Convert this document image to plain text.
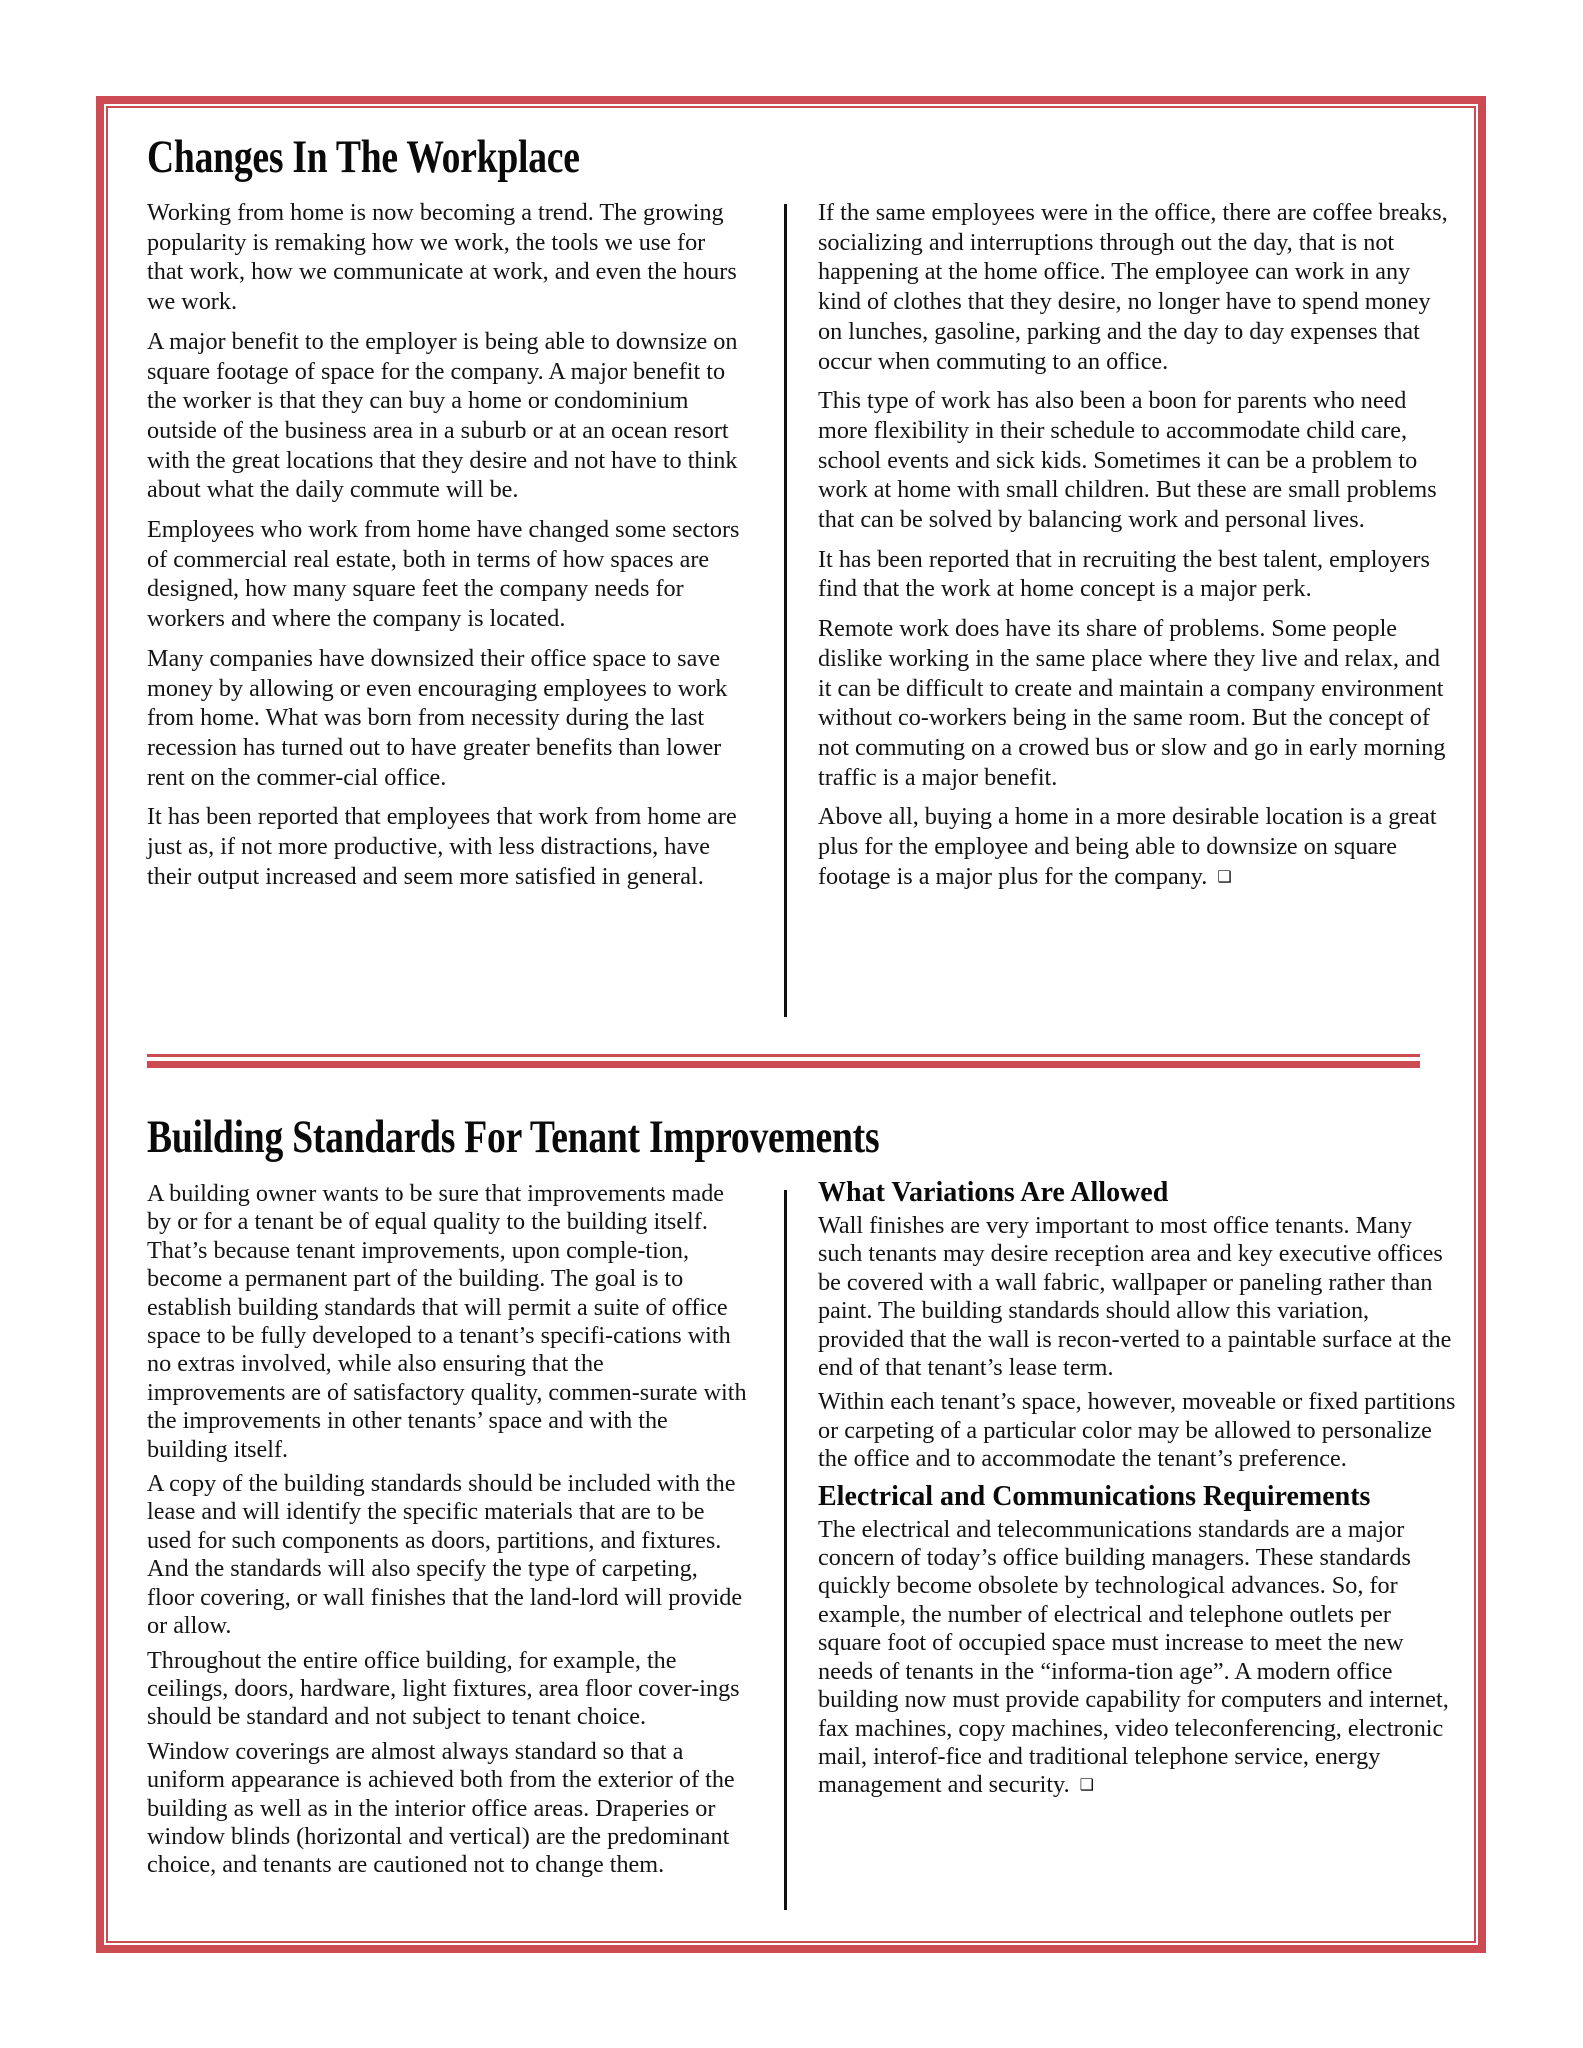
Changes In The Workplace

Working from home is now becoming a trend. The growing popularity is remaking how we work, the tools we use for that work, how we communicate at work, and even the hours we work.

A major benefit to the employer is being able to downsize on square footage of space for the company. A major benefit to the worker is that they can buy a home or condominium outside of the business area in a suburb or at an ocean resort with the great locations that they desire and not have to think about what the daily commute will be.

Employees who work from home have changed some sectors of commercial real estate, both in terms of how spaces are designed, how many square feet the company needs for workers and where the company is located.

Many companies have downsized their office space to save money by allowing or even encouraging employees to work from home. What was born from necessity during the last recession has turned out to have greater benefits than lower rent on the commer-cial office.

It has been reported that employees that work from home are just as, if not more productive, with less distractions, have their output increased and seem more satisfied in general.

If the same employees were in the office, there are coffee breaks, socializing and interruptions through out the day, that is not happening at the home office. The employee can work in any kind of clothes that they desire, no longer have to spend money on lunches, gasoline, parking and the day to day expenses that occur when commuting to an office.

This type of work has also been a boon for parents who need more flexibility in their schedule to accommodate child care, school events and sick kids. Sometimes it can be a problem to work at home with small children. But these are small problems that can be solved by balancing work and personal lives.

It has been reported that in recruiting the best talent, employers find that the work at home concept is a major perk.

Remote work does have its share of problems. Some people dislike working in the same place where they live and relax, and it can be difficult to create and maintain a company environment without co-workers being in the same room. But the concept of not commuting on a crowed bus or slow and go in early morning traffic is a major benefit.

Above all, buying a home in a more desirable location is a great plus for the employee and being able to downsize on square footage is a major plus for the company. ❑

Building Standards For Tenant Improvements

A building owner wants to be sure that improvements made by or for a tenant be of equal quality to the building itself. That’s because tenant improvements, upon comple-tion, become a permanent part of the building. The goal is to establish building standards that will permit a suite of office space to be fully developed to a tenant’s specifi-cations with no extras involved, while also ensuring that the improvements are of satisfactory quality, commen-surate with the improvements in other tenants’ space and with the building itself.

A copy of the building standards should be included with the lease and will identify the specific materials that are to be used for such components as doors, partitions, and fixtures. And the standards will also specify the type of carpeting, floor covering, or wall finishes that the land-lord will provide or allow.

Throughout the entire office building, for example, the ceilings, doors, hardware, light fixtures, area floor cover-ings should be standard and not subject to tenant choice.

Window coverings are almost always standard so that a uniform appearance is achieved both from the exterior of the building as well as in the interior office areas. Draperies or window blinds (horizontal and vertical) are the predominant choice, and tenants are cautioned not to change them.

What Variations Are Allowed

Wall finishes are very important to most office tenants. Many such tenants may desire reception area and key executive offices be covered with a wall fabric, wallpaper or paneling rather than paint. The building standards should allow this variation, provided that the wall is recon-verted to a paintable surface at the end of that tenant’s lease term.

Within each tenant’s space, however, moveable or fixed partitions or carpeting of a particular color may be allowed to personalize the office and to accommodate the tenant’s preference.

Electrical and Communications Requirements

The electrical and telecommunications standards are a major concern of today’s office building managers. These standards quickly become obsolete by technological advances. So, for example, the number of electrical and telephone outlets per square foot of occupied space must increase to meet the new needs of tenants in the “informa-tion age”. A modern office building now must provide capability for computers and internet, fax machines, copy machines, video teleconferencing, electronic mail, interof-fice and traditional telephone service, energy management and security. ❑
